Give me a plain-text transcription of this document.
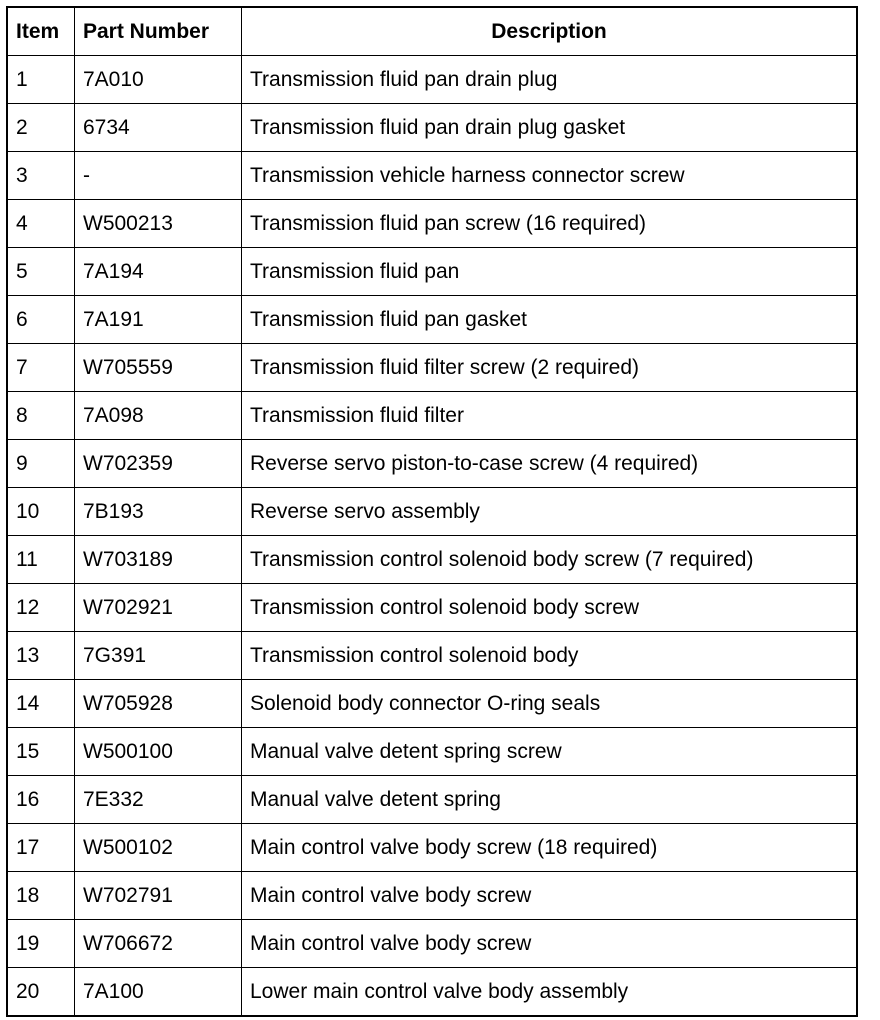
Item	Part Number	Description
1	7A010	Transmission fluid pan drain plug
2	6734	Transmission fluid pan drain plug gasket
3	-	Transmission vehicle harness connector screw
4	W500213	Transmission fluid pan screw (16 required)
5	7A194	Transmission fluid pan
6	7A191	Transmission fluid pan gasket
7	W705559	Transmission fluid filter screw (2 required)
8	7A098	Transmission fluid filter
9	W702359	Reverse servo piston-to-case screw (4 required)
10	7B193	Reverse servo assembly
11	W703189	Transmission control solenoid body screw (7 required)
12	W702921	Transmission control solenoid body screw
13	7G391	Transmission control solenoid body
14	W705928	Solenoid body connector O-ring seals
15	W500100	Manual valve detent spring screw
16	7E332	Manual valve detent spring
17	W500102	Main control valve body screw (18 required)
18	W702791	Main control valve body screw
19	W706672	Main control valve body screw
20	7A100	Lower main control valve body assembly
